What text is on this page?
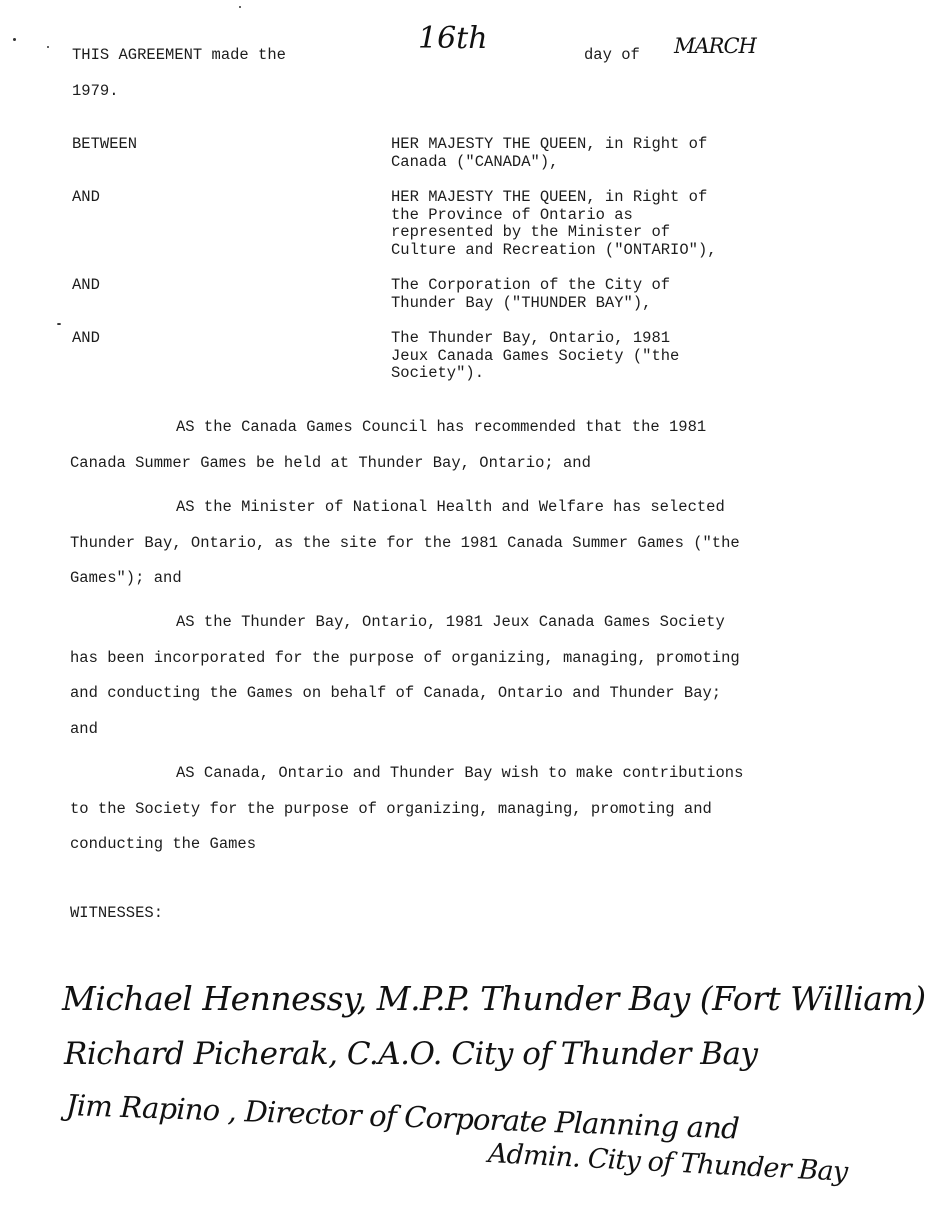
THIS AGREEMENT made the	16th	day of MARCH
1979.
BETWEEN	HER MAJESTY THE QUEEN, in Right of
Canada ("CANADA"),
AND	HER MAJESTY THE QUEEN, in Right of
the Province of Ontario as
represented by the Minister of
Culture and Recreation ("ONTARIO"),
AND	The Corporation of the City of
Thunder Bay ("THUNDER BAY"),
AND	The Thunder Bay, Ontario, 1981
Jeux Canada Games Society ("the
Society").
AS the Canada Games Council has recommended that the 1981 Canada Summer Games be held at Thunder Bay, Ontario; and
AS the Minister of National Health and Welfare has selected Thunder Bay, Ontario, as the site for the 1981 Canada Summer Games ("the Games"); and
AS the Thunder Bay, Ontario, 1981 Jeux Canada Games Society has been incorporated for the purpose of organizing, managing, promoting and conducting the Games on behalf of Canada, Ontario and Thunder Bay; and
AS Canada, Ontario and Thunder Bay wish to make contributions to the Society for the purpose of organizing, managing, promoting and conducting the Games
WITNESSES:
Michael Hennessy, M.P.P. Thunder Bay (Fort William)
Richard Picherak, C.A.O. City of Thunder Bay
Jim Rapino , Director of Corporate Planning and
Admin. City of Thunder Bay
